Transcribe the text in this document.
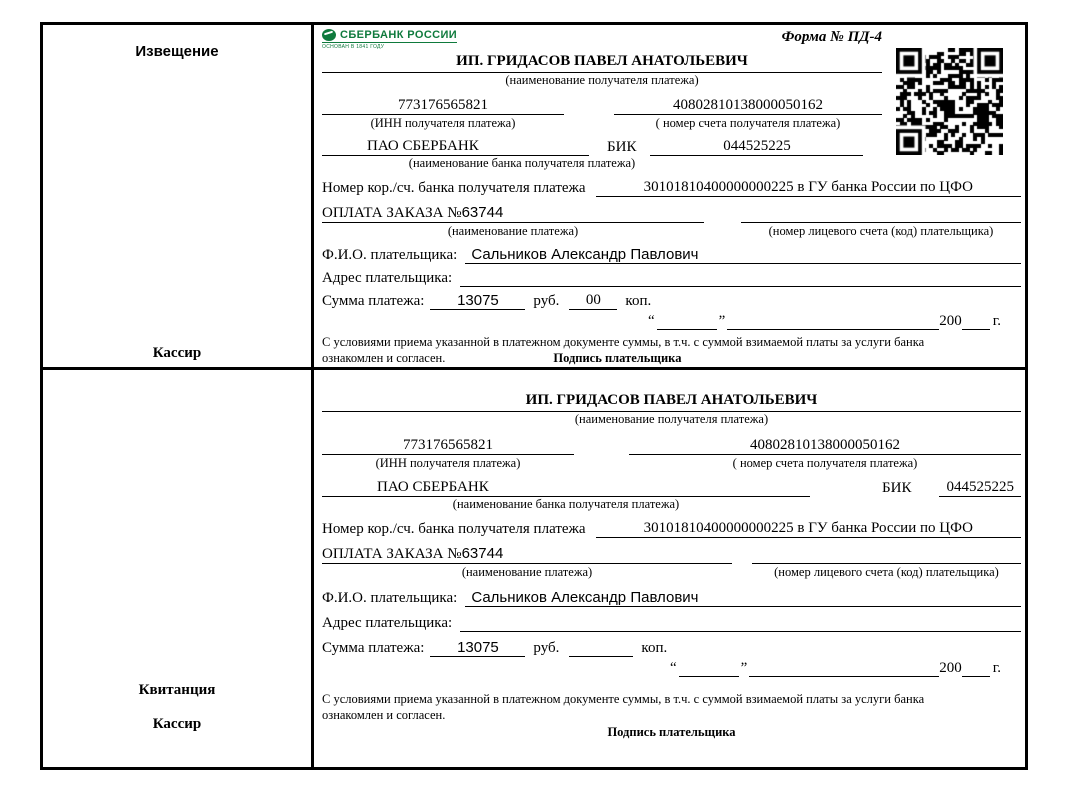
Извещение
Кассир
СБЕРБАНК РОССИИ
ОСНОВАН В 1841 ГОДУ
Форма № ПД-4
ИП. ГРИДАСОВ ПАВЕЛ АНАТОЛЬЕВИЧ
(наименование получателя платежа)
773176565821	40802810138000050162
(ИНН получателя платежа)	( номер счета получателя платежа)
ПАО СБЕРБАНК	БИК	044525225
(наименование банка получателя платежа)
Номер кор./сч. банка получателя платежа	30101810400000000225 в ГУ банка России по ЦФО
ОПЛАТА ЗАКАЗА №63744
(наименование платежа)	(номер лицевого счета (код) плательщика)
Ф.И.О. плательщика: Сальников Александр Павлович
Адрес плательщика:
Сумма платежа:	13075	руб.	00	коп.
“	”	200 г.
С условиями приема указанной в платежном документе суммы, в т.ч. с суммой взимаемой платы за услуги банка
ознакомлен и согласен.	Подпись плательщика
Квитанция
Кассир
ИП. ГРИДАСОВ ПАВЕЛ АНАТОЛЬЕВИЧ
(наименование получателя платежа)
773176565821	40802810138000050162
(ИНН получателя платежа)	( номер счета получателя платежа)
ПАО СБЕРБАНК	БИК	044525225
(наименование банка получателя платежа)
Номер кор./сч. банка получателя платежа	30101810400000000225 в ГУ банка России по ЦФО
ОПЛАТА ЗАКАЗА №63744
(наименование платежа)	(номер лицевого счета (код) плательщика)
Ф.И.О. плательщика: Сальников Александр Павлович
Адрес плательщика:
Сумма платежа:	13075	руб.	коп.
“	”	200 г.
С условиями приема указанной в платежном документе суммы, в т.ч. с суммой взимаемой платы за услуги банка
ознакомлен и согласен.
Подпись плательщика
